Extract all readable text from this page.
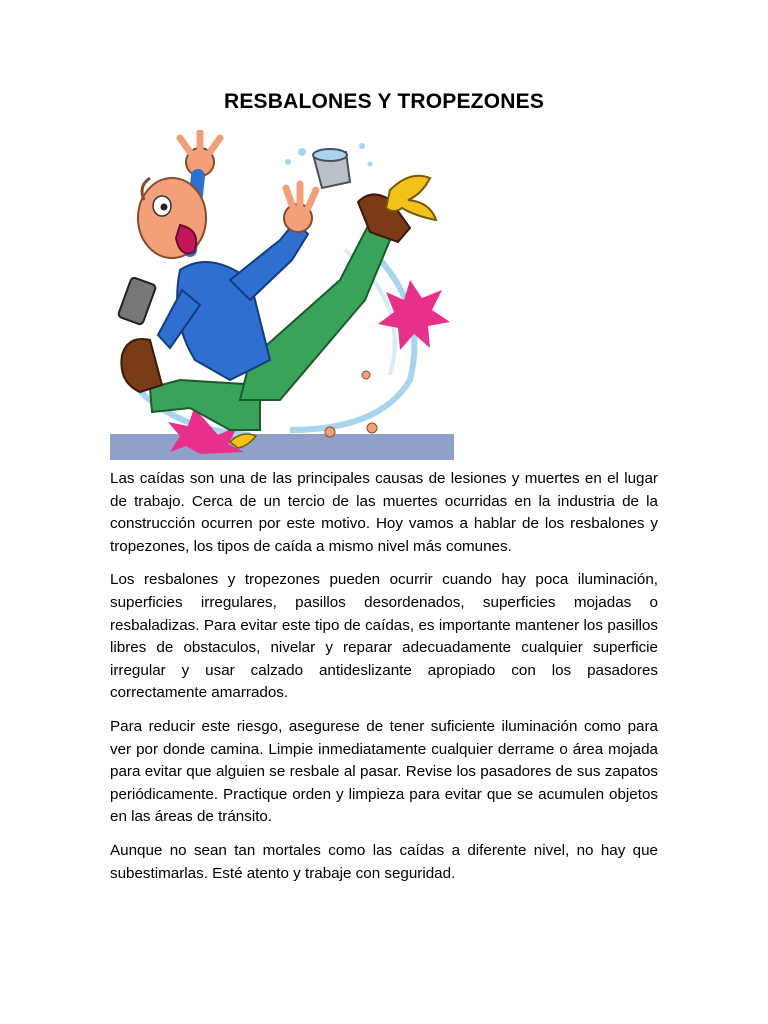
RESBALONES Y TROPEZONES

Las caídas son una de las principales causas de lesiones y muertes en el lugar de trabajo. Cerca de un tercio de las muertes ocurridas en la industria de la construcción ocurren por este motivo. Hoy vamos a hablar de los resbalones y tropezones, los tipos de caída a mismo nivel más comunes.

Los resbalones y tropezones pueden ocurrir cuando hay poca iluminación, superficies irregulares, pasillos desordenados, superficies mojadas o resbaladizas. Para evitar este tipo de caídas, es importante mantener los pasillos libres de obstaculos, nivelar y reparar adecuadamente cualquier superficie irregular y usar calzado antideslizante apropiado con los pasadores correctamente amarrados.

Para reducir este riesgo, asegurese de tener suficiente iluminación como para ver por donde camina. Limpie inmediatamente cualquier derrame o área mojada para evitar que alguien se resbale al pasar. Revise los pasadores de sus zapatos periódicamente. Practique orden y limpieza para evitar que se acumulen objetos en las áreas de tránsito.

Aunque no sean tan mortales como las caídas a diferente nivel, no hay que subestimarlas. Esté atento y trabaje con seguridad.
